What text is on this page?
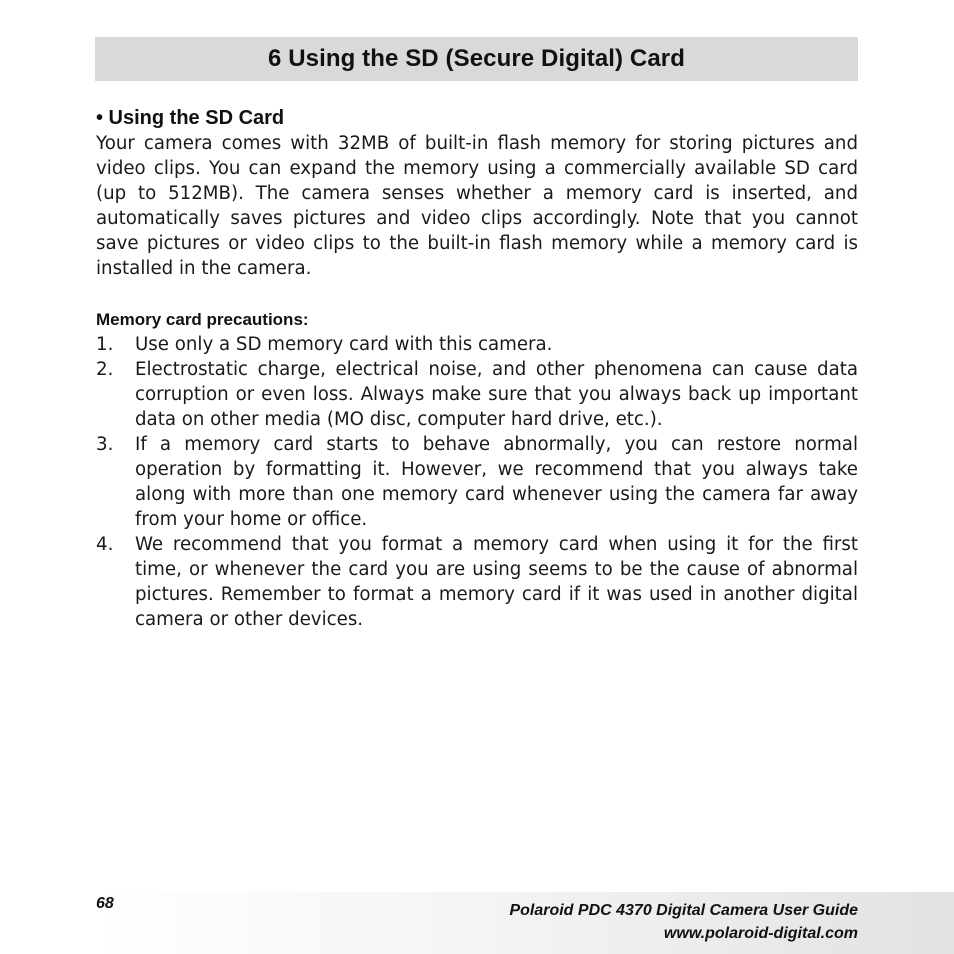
6 Using the SD (Secure Digital) Card
• Using the SD Card

Your camera comes with 32MB of built-in flash memory for storing pictures and video clips. You can expand the memory using a commercially available SD card (up to 512MB). The camera senses whether a memory card is inserted, and automatically saves pictures and video clips accordingly. Note that you cannot save pictures or video clips to the built-in flash memory while a memory card is installed in the camera.

Memory card precautions:
1. Use only a SD memory card with this camera.
2. Electrostatic charge, electrical noise, and other phenomena can cause data corruption or even loss. Always make sure that you always back up important data on other media (MO disc, computer hard drive, etc.).
3. If a memory card starts to behave abnormally, you can restore normal operation by formatting it. However, we recommend that you always take along with more than one memory card whenever using the camera far away from your home or office.
4. We recommend that you format a memory card when using it for the first time, or whenever the card you are using seems to be the cause of abnormal pictures. Remember to format a memory card if it was used in another digital camera or other devices.
68	Polaroid PDC 4370 Digital Camera User Guide
www.polaroid-digital.com
